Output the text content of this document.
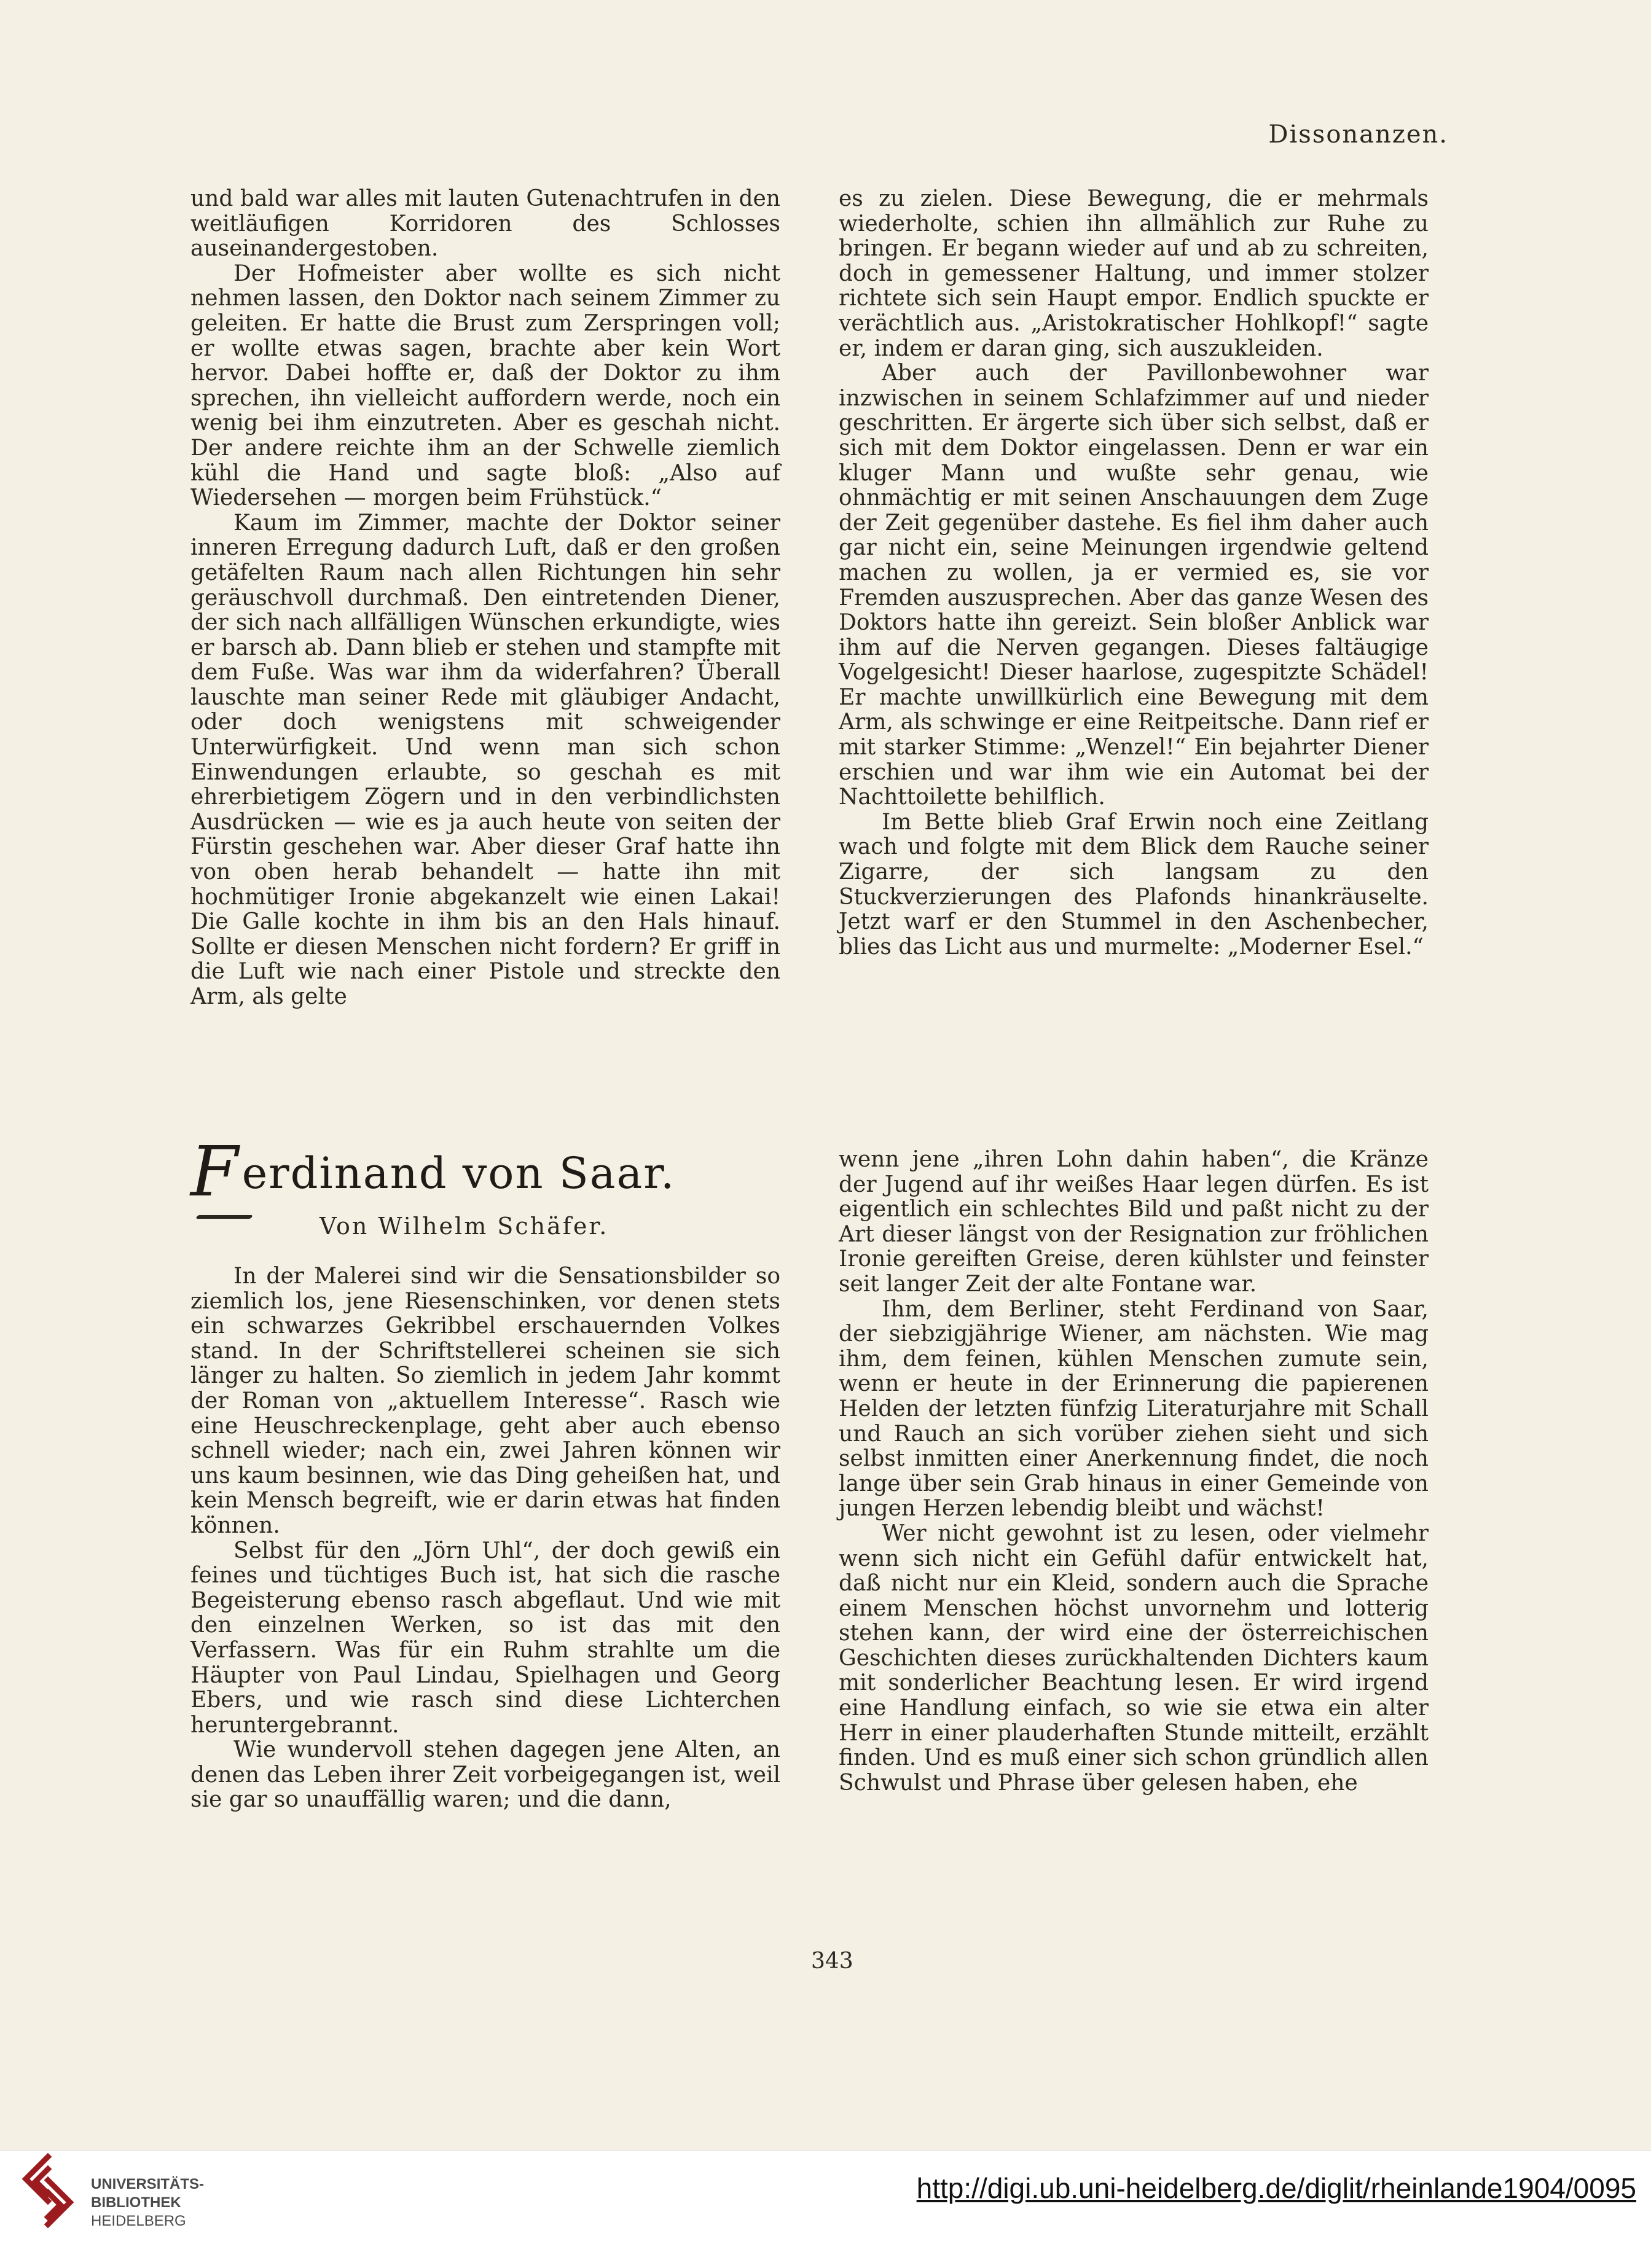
Dissonanzen.

und bald war alles mit lauten Gutenachtrufen in den weitläufigen Korridoren des Schlosses auseinandergestoben.

Der Hofmeister aber wollte es sich nicht nehmen lassen, den Doktor nach seinem Zimmer zu geleiten. Er hatte die Brust zum Zerspringen voll; er wollte etwas sagen, brachte aber kein Wort hervor. Dabei hoffte er, daß der Doktor zu ihm sprechen, ihn vielleicht auffordern werde, noch ein wenig bei ihm einzutreten. Aber es geschah nicht. Der andere reichte ihm an der Schwelle ziemlich kühl die Hand und sagte bloß: „Also auf Wiedersehen — morgen beim Frühstück.“

Kaum im Zimmer, machte der Doktor seiner inneren Erregung dadurch Luft, daß er den großen getäfelten Raum nach allen Richtungen hin sehr geräuschvoll durchmaß. Den eintretenden Diener, der sich nach allfälligen Wünschen erkundigte, wies er barsch ab. Dann blieb er stehen und stampfte mit dem Fuße. Was war ihm da widerfahren? Überall lauschte man seiner Rede mit gläubiger Andacht, oder doch wenigstens mit schweigender Unterwürfigkeit. Und wenn man sich schon Einwendungen erlaubte, so geschah es mit ehrerbietigem Zögern und in den verbindlichsten Ausdrücken — wie es ja auch heute von seiten der Fürstin geschehen war. Aber dieser Graf hatte ihn von oben herab behandelt — hatte ihn mit hochmütiger Ironie abgekanzelt wie einen Lakai! Die Galle kochte in ihm bis an den Hals hinauf. Sollte er diesen Menschen nicht fordern? Er griff in die Luft wie nach einer Pistole und streckte den Arm, als gelte

es zu zielen. Diese Bewegung, die er mehrmals wiederholte, schien ihn allmählich zur Ruhe zu bringen. Er begann wieder auf und ab zu schreiten, doch in gemessener Haltung, und immer stolzer richtete sich sein Haupt empor. Endlich spuckte er verächtlich aus. „Aristokratischer Hohlkopf!“ sagte er, indem er daran ging, sich auszukleiden.

Aber auch der Pavillonbewohner war inzwischen in seinem Schlafzimmer auf und nieder geschritten. Er ärgerte sich über sich selbst, daß er sich mit dem Doktor eingelassen. Denn er war ein kluger Mann und wußte sehr genau, wie ohnmächtig er mit seinen Anschauungen dem Zuge der Zeit gegenüber dastehe. Es fiel ihm daher auch gar nicht ein, seine Meinungen irgendwie geltend machen zu wollen, ja er vermied es, sie vor Fremden auszusprechen. Aber das ganze Wesen des Doktors hatte ihn gereizt. Sein bloßer Anblick war ihm auf die Nerven gegangen. Dieses faltäugige Vogelgesicht! Dieser haarlose, zugespitzte Schädel! Er machte unwillkürlich eine Bewegung mit dem Arm, als schwinge er eine Reitpeitsche. Dann rief er mit starker Stimme: „Wenzel!“ Ein bejahrter Diener erschien und war ihm wie ein Automat bei der Nachttoilette behilflich.

Im Bette blieb Graf Erwin noch eine Zeitlang wach und folgte mit dem Blick dem Rauche seiner Zigarre, der sich langsam zu den Stuckverzierungen des Plafonds hinankräuselte. Jetzt warf er den Stummel in den Aschenbecher, blies das Licht aus und murmelte: „Moderner Esel.“

Ferdinand von Saar.
Von Wilhelm Schäfer.

In der Malerei sind wir die Sensationsbilder so ziemlich los, jene Riesenschinken, vor denen stets ein schwarzes Gekribbel erschauernden Volkes stand. In der Schriftstellerei scheinen sie sich länger zu halten. So ziemlich in jedem Jahr kommt der Roman von „aktuellem Interesse“. Rasch wie eine Heuschreckenplage, geht aber auch ebenso schnell wieder; nach ein, zwei Jahren können wir uns kaum besinnen, wie das Ding geheißen hat, und kein Mensch begreift, wie er darin etwas hat finden können.

Selbst für den „Jörn Uhl“, der doch gewiß ein feines und tüchtiges Buch ist, hat sich die rasche Begeisterung ebenso rasch abgeflaut. Und wie mit den einzelnen Werken, so ist das mit den Verfassern. Was für ein Ruhm strahlte um die Häupter von Paul Lindau, Spielhagen und Georg Ebers, und wie rasch sind diese Lichterchen heruntergebrannt.

Wie wundervoll stehen dagegen jene Alten, an denen das Leben ihrer Zeit vorbeigegangen ist, weil sie gar so unauffällig waren; und die dann,

wenn jene „ihren Lohn dahin haben“, die Kränze der Jugend auf ihr weißes Haar legen dürfen. Es ist eigentlich ein schlechtes Bild und paßt nicht zu der Art dieser längst von der Resignation zur fröhlichen Ironie gereiften Greise, deren kühlster und feinster seit langer Zeit der alte Fontane war.

Ihm, dem Berliner, steht Ferdinand von Saar, der siebzigjährige Wiener, am nächsten. Wie mag ihm, dem feinen, kühlen Menschen zumute sein, wenn er heute in der Erinnerung die papierenen Helden der letzten fünfzig Literaturjahre mit Schall und Rauch an sich vorüber ziehen sieht und sich selbst inmitten einer Anerkennung findet, die noch lange über sein Grab hinaus in einer Gemeinde von jungen Herzen lebendig bleibt und wächst!

Wer nicht gewohnt ist zu lesen, oder vielmehr wenn sich nicht ein Gefühl dafür entwickelt hat, daß nicht nur ein Kleid, sondern auch die Sprache einem Menschen höchst unvornehm und lotterig stehen kann, der wird eine der österreichischen Geschichten dieses zurückhaltenden Dichters kaum mit sonderlicher Beachtung lesen. Er wird irgend eine Handlung einfach, so wie sie etwa ein alter Herr in einer plauderhaften Stunde mitteilt, erzählt finden. Und es muß einer sich schon gründlich allen Schwulst und Phrase über gelesen haben, ehe

343
UNIVERSITÄTS-
BIBLIOTHEK
HEIDELBERG
http://digi.ub.uni-heidelberg.de/diglit/rheinlande1904/0095
